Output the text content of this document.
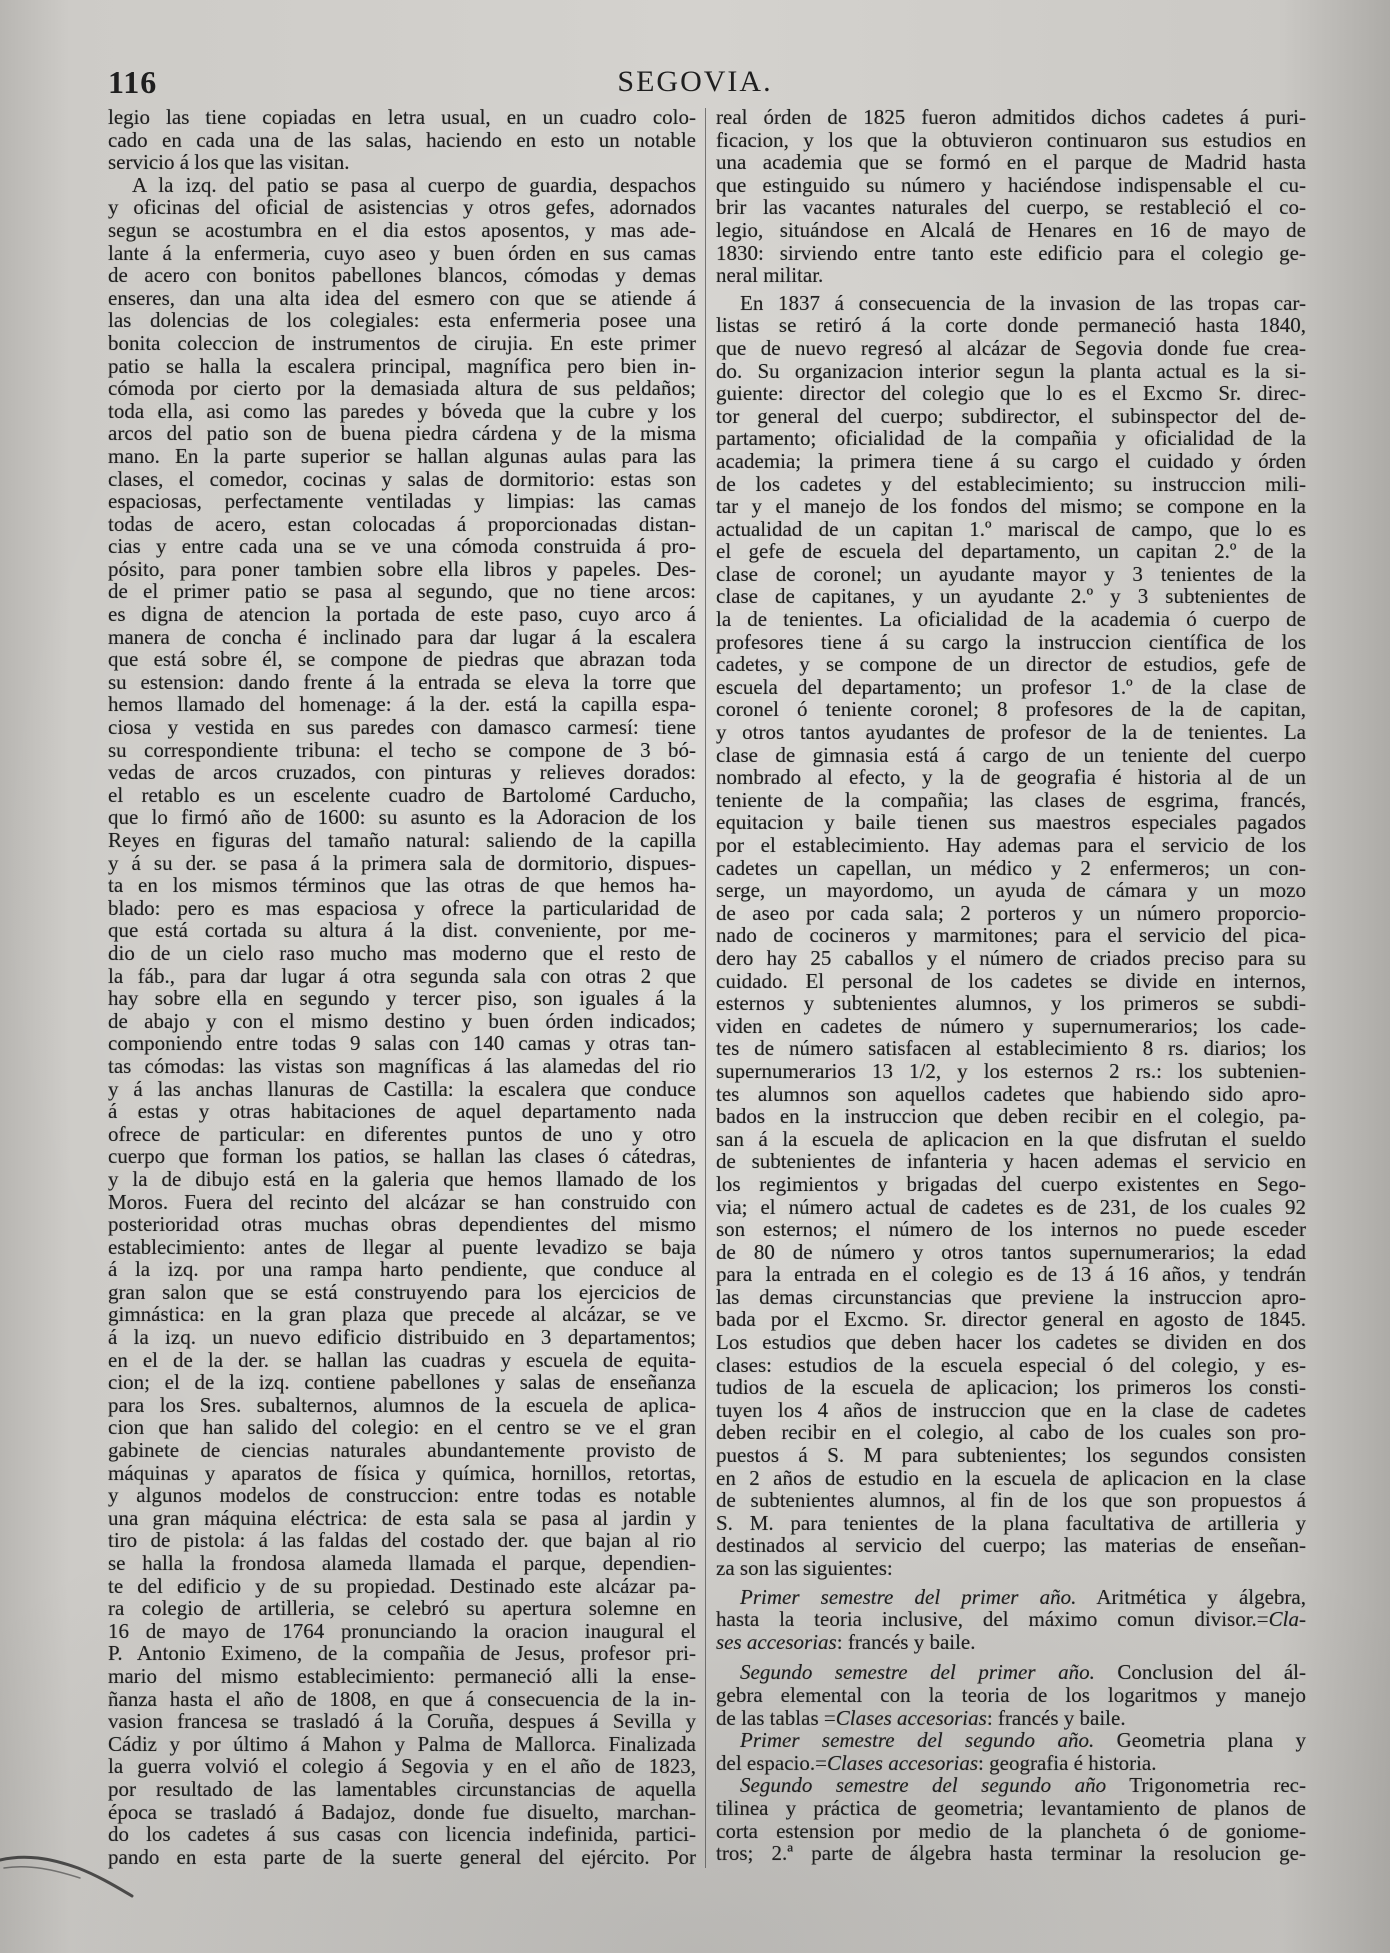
116	SEGOVIA.
legio las tiene copiadas en letra usual, en un cuadro colo-
cado en cada una de las salas, haciendo en esto un notable
servicio á los que las visitan.
A la izq. del patio se pasa al cuerpo de guardia, despachos
y oficinas del oficial de asistencias y otros gefes, adornados
segun se acostumbra en el dia estos aposentos, y mas ade-
lante á la enfermeria, cuyo aseo y buen órden en sus camas
de acero con bonitos pabellones blancos, cómodas y demas
enseres, dan una alta idea del esmero con que se atiende á
las dolencias de los colegiales: esta enfermeria posee una
bonita coleccion de instrumentos de cirujia. En este primer
patio se halla la escalera principal, magnífica pero bien in-
cómoda por cierto por la demasiada altura de sus peldaños;
toda ella, asi como las paredes y bóveda que la cubre y los
arcos del patio son de buena piedra cárdena y de la misma
mano. En la parte superior se hallan algunas aulas para las
clases, el comedor, cocinas y salas de dormitorio: estas son
espaciosas, perfectamente ventiladas y limpias: las camas
todas de acero, estan colocadas á proporcionadas distan-
cias y entre cada una se ve una cómoda construida á pro-
pósito, para poner tambien sobre ella libros y papeles. Des-
de el primer patio se pasa al segundo, que no tiene arcos:
es digna de atencion la portada de este paso, cuyo arco á
manera de concha é inclinado para dar lugar á la escalera
que está sobre él, se compone de piedras que abrazan toda
su estension: dando frente á la entrada se eleva la torre que
hemos llamado del homenage: á la der. está la capilla espa-
ciosa y vestida en sus paredes con damasco carmesí: tiene
su correspondiente tribuna: el techo se compone de 3 bó-
vedas de arcos cruzados, con pinturas y relieves dorados:
el retablo es un escelente cuadro de Bartolomé Carducho,
que lo firmó año de 1600: su asunto es la Adoracion de los
Reyes en figuras del tamaño natural: saliendo de la capilla
y á su der. se pasa á la primera sala de dormitorio, dispues-
ta en los mismos términos que las otras de que hemos ha-
blado: pero es mas espaciosa y ofrece la particularidad de
que está cortada su altura á la dist. conveniente, por me-
dio de un cielo raso mucho mas moderno que el resto de
la fáb., para dar lugar á otra segunda sala con otras 2 que
hay sobre ella en segundo y tercer piso, son iguales á la
de abajo y con el mismo destino y buen órden indicados;
componiendo entre todas 9 salas con 140 camas y otras tan-
tas cómodas: las vistas son magníficas á las alamedas del rio
y á las anchas llanuras de Castilla: la escalera que conduce
á estas y otras habitaciones de aquel departamento nada
ofrece de particular: en diferentes puntos de uno y otro
cuerpo que forman los patios, se hallan las clases ó cátedras,
y la de dibujo está en la galeria que hemos llamado de los
Moros. Fuera del recinto del alcázar se han construido con
posterioridad otras muchas obras dependientes del mismo
establecimiento: antes de llegar al puente levadizo se baja
á la izq. por una rampa harto pendiente, que conduce al
gran salon que se está construyendo para los ejercicios de
gimnástica: en la gran plaza que precede al alcázar, se ve
á la izq. un nuevo edificio distribuido en 3 departamentos;
en el de la der. se hallan las cuadras y escuela de equita-
cion; el de la izq. contiene pabellones y salas de enseñanza
para los Sres. subalternos, alumnos de la escuela de aplica-
cion que han salido del colegio: en el centro se ve el gran
gabinete de ciencias naturales abundantemente provisto de
máquinas y aparatos de física y química, hornillos, retortas,
y algunos modelos de construccion: entre todas es notable
una gran máquina eléctrica: de esta sala se pasa al jardin y
tiro de pistola: á las faldas del costado der. que bajan al rio
se halla la frondosa alameda llamada el parque, dependien-
te del edificio y de su propiedad. Destinado este alcázar pa-
ra colegio de artilleria, se celebró su apertura solemne en
16 de mayo de 1764 pronunciando la oracion inaugural el
P. Antonio Eximeno, de la compañia de Jesus, profesor pri-
mario del mismo establecimiento: permaneció alli la ense-
ñanza hasta el año de 1808, en que á consecuencia de la in-
vasion francesa se trasladó á la Coruña, despues á Sevilla y
Cádiz y por último á Mahon y Palma de Mallorca. Finalizada
la guerra volvió el colegio á Segovia y en el año de 1823,
por resultado de las lamentables circunstancias de aquella
época se trasladó á Badajoz, donde fue disuelto, marchan-
do los cadetes á sus casas con licencia indefinida, partici-
pando en esta parte de la suerte general del ejército. Por
real órden de 1825 fueron admitidos dichos cadetes á puri-
ficacion, y los que la obtuvieron continuaron sus estudios en
una academia que se formó en el parque de Madrid hasta
que estinguido su número y haciéndose indispensable el cu-
brir las vacantes naturales del cuerpo, se restableció el co-
legio, situándose en Alcalá de Henares en 16 de mayo de
1830: sirviendo entre tanto este edificio para el colegio ge-
neral militar.
En 1837 á consecuencia de la invasion de las tropas car-
listas se retiró á la corte donde permaneció hasta 1840,
que de nuevo regresó al alcázar de Segovia donde fue crea-
do. Su organizacion interior segun la planta actual es la si-
guiente: director del colegio que lo es el Excmo Sr. direc-
tor general del cuerpo; subdirector, el subinspector del de-
partamento; oficialidad de la compañia y oficialidad de la
academia; la primera tiene á su cargo el cuidado y órden
de los cadetes y del establecimiento; su instruccion mili-
tar y el manejo de los fondos del mismo; se compone en la
actualidad de un capitan 1.º mariscal de campo, que lo es
el gefe de escuela del departamento, un capitan 2.º de la
clase de coronel; un ayudante mayor y 3 tenientes de la
clase de capitanes, y un ayudante 2.º y 3 subtenientes de
la de tenientes. La oficialidad de la academia ó cuerpo de
profesores tiene á su cargo la instruccion científica de los
cadetes, y se compone de un director de estudios, gefe de
escuela del departamento; un profesor 1.º de la clase de
coronel ó teniente coronel; 8 profesores de la de capitan,
y otros tantos ayudantes de profesor de la de tenientes. La
clase de gimnasia está á cargo de un teniente del cuerpo
nombrado al efecto, y la de geografia é historia al de un
teniente de la compañia; las clases de esgrima, francés,
equitacion y baile tienen sus maestros especiales pagados
por el establecimiento. Hay ademas para el servicio de los
cadetes un capellan, un médico y 2 enfermeros; un con-
serge, un mayordomo, un ayuda de cámara y un mozo
de aseo por cada sala; 2 porteros y un número proporcio-
nado de cocineros y marmitones; para el servicio del pica-
dero hay 25 caballos y el número de criados preciso para su
cuidado. El personal de los cadetes se divide en internos,
esternos y subtenientes alumnos, y los primeros se subdi-
viden en cadetes de número y supernumerarios; los cade-
tes de número satisfacen al establecimiento 8 rs. diarios; los
supernumerarios 13 1/2, y los esternos 2 rs.: los subtenien-
tes alumnos son aquellos cadetes que habiendo sido apro-
bados en la instruccion que deben recibir en el colegio, pa-
san á la escuela de aplicacion en la que disfrutan el sueldo
de subtenientes de infanteria y hacen ademas el servicio en
los regimientos y brigadas del cuerpo existentes en Sego-
via; el número actual de cadetes es de 231, de los cuales 92
son esternos; el número de los internos no puede esceder
de 80 de número y otros tantos supernumerarios; la edad
para la entrada en el colegio es de 13 á 16 años, y tendrán
las demas circunstancias que previene la instruccion apro-
bada por el Excmo. Sr. director general en agosto de 1845.
Los estudios que deben hacer los cadetes se dividen en dos
clases: estudios de la escuela especial ó del colegio, y es-
tudios de la escuela de aplicacion; los primeros los consti-
tuyen los 4 años de instruccion que en la clase de cadetes
deben recibir en el colegio, al cabo de los cuales son pro-
puestos á S. M para subtenientes; los segundos consisten
en 2 años de estudio en la escuela de aplicacion en la clase
de subtenientes alumnos, al fin de los que son propuestos á
S. M. para tenientes de la plana facultativa de artilleria y
destinados al servicio del cuerpo; las materias de enseñan-
za son las siguientes:
Primer semestre del primer año. Aritmética y álgebra,
hasta la teoria inclusive, del máximo comun divisor.=Cla-
ses accesorias: francés y baile.
Segundo semestre del primer año. Conclusion del ál-
gebra elemental con la teoria de los logaritmos y manejo
de las tablas =Clases accesorias: francés y baile.
Primer semestre del segundo año. Geometria plana y
del espacio.=Clases accesorias: geografia é historia.
Segundo semestre del segundo año Trigonometria rec-
tilinea y práctica de geometria; levantamiento de planos de
corta estension por medio de la plancheta ó de goniome-
tros; 2.ª parte de álgebra hasta terminar la resolucion ge-
